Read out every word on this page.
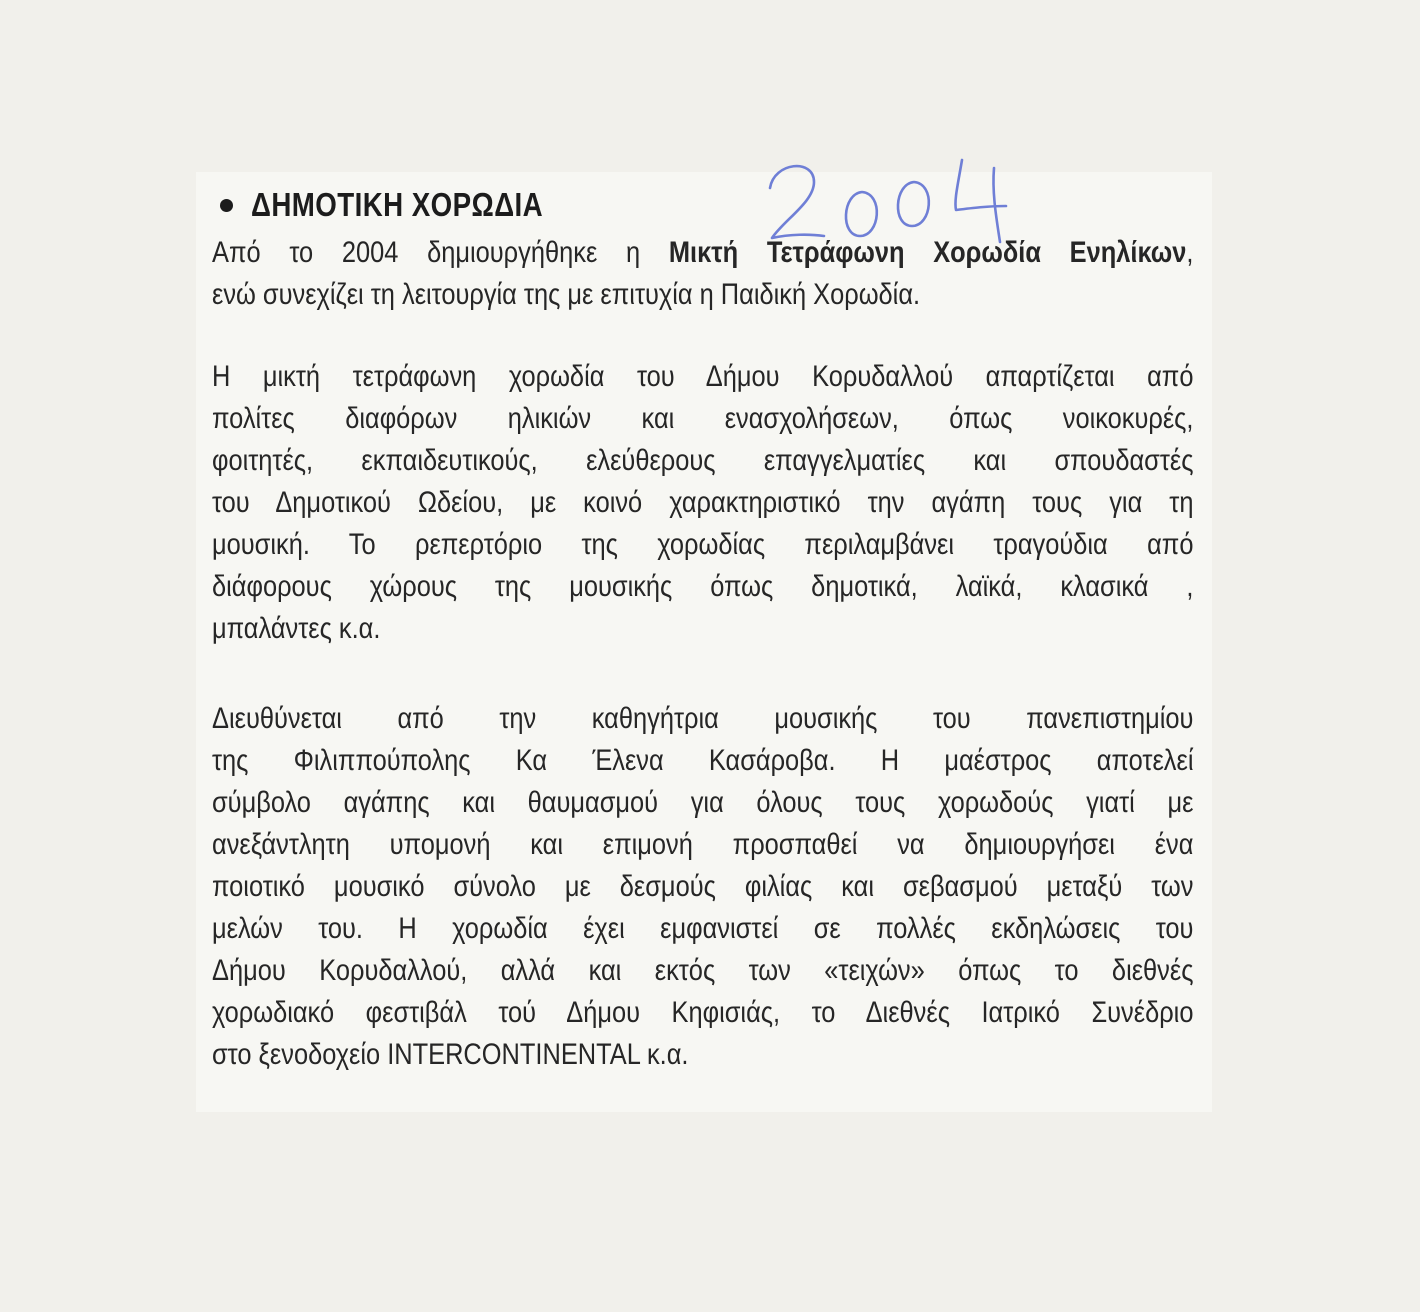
ΔΗΜΟΤΙΚΗ ΧΟΡΩΔΙΑ
Από το 2004 δημιουργήθηκε η Μικτή Τετράφωνη Χορωδία Ενηλίκων,
ενώ συνεχίζει τη λειτουργία της με επιτυχία η Παιδική Χορωδία.
Η μικτή τετράφωνη χορωδία του Δήμου Κορυδαλλού απαρτίζεται από
πολίτες διαφόρων ηλικιών και ενασχολήσεων, όπως νοικοκυρές,
φοιτητές, εκπαιδευτικούς, ελεύθερους επαγγελματίες και σπουδαστές
του Δημοτικού Ωδείου, με κοινό χαρακτηριστικό την αγάπη τους για τη
μουσική. Το ρεπερτόριο της χορωδίας περιλαμβάνει τραγούδια από
διάφορους χώρους της μουσικής όπως δημοτικά, λαϊκά, κλασικά ,
μπαλάντες κ.α.
Διευθύνεται από την καθηγήτρια μουσικής του πανεπιστημίου
της Φιλιππούπολης Κα Έλενα Κασάροβα. Η μαέστρος αποτελεί
σύμβολο αγάπης και θαυμασμού για όλους τους χορωδούς γιατί με
ανεξάντλητη υπομονή και επιμονή προσπαθεί να δημιουργήσει ένα
ποιοτικό μουσικό σύνολο με δεσμούς φιλίας και σεβασμού μεταξύ των
μελών του. Η χορωδία έχει εμφανιστεί σε πολλές εκδηλώσεις του
Δήμου Κορυδαλλού, αλλά και εκτός των «τειχών» όπως το διεθνές
χορωδιακό φεστιβάλ τού Δήμου Κηφισιάς, το Διεθνές Ιατρικό Συνέδριο
στο ξενοδοχείο INTERCONTINENTAL κ.α.
